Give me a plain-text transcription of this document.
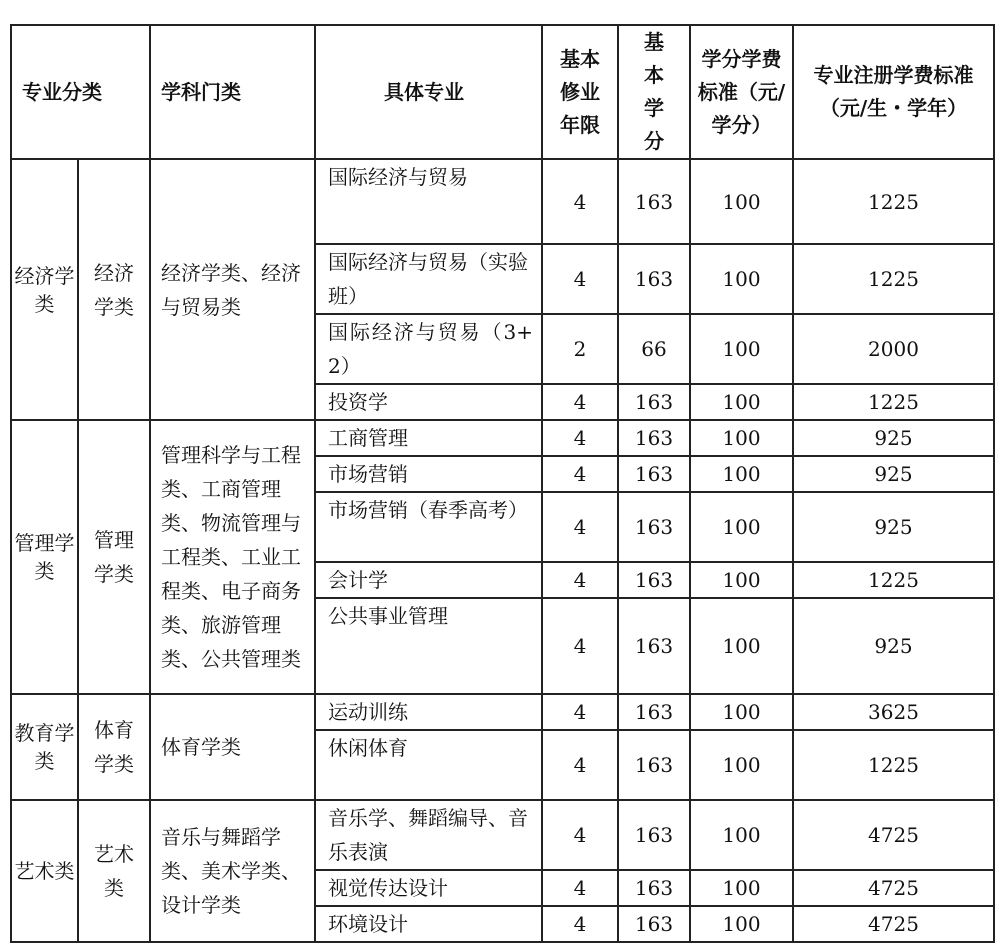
专业分类		学科门类	具体专业	基本修业年限	基本学分	学分学费标准（元/学分）	专业注册学费标准（元/生・学年）
经济学类	经济学类	经济学类、经济与贸易类	国际经济与贸易	4	163	100	1225
			国际经济与贸易（实验班）	4	163	100	1225
			国际经济与贸易（3+2）	2	66	100	2000
			投资学	4	163	100	1225
管理学类	管理学类	管理科学与工程类、工商管理类、物流管理与工程类、工业工程类、电子商务类、旅游管理类、公共管理类	工商管理	4	163	100	925
			市场营销	4	163	100	925
			市场营销（春季高考）	4	163	100	925
			会计学	4	163	100	1225
			公共事业管理	4	163	100	925
教育学类	体育学类	体育学类	运动训练	4	163	100	3625
			休闲体育	4	163	100	1225
艺术类	艺术类	音乐与舞蹈学类、美术学类、设计学类	音乐学、舞蹈编导、音乐表演	4	163	100	4725
			视觉传达设计	4	163	100	4725
			环境设计	4	163	100	4725
